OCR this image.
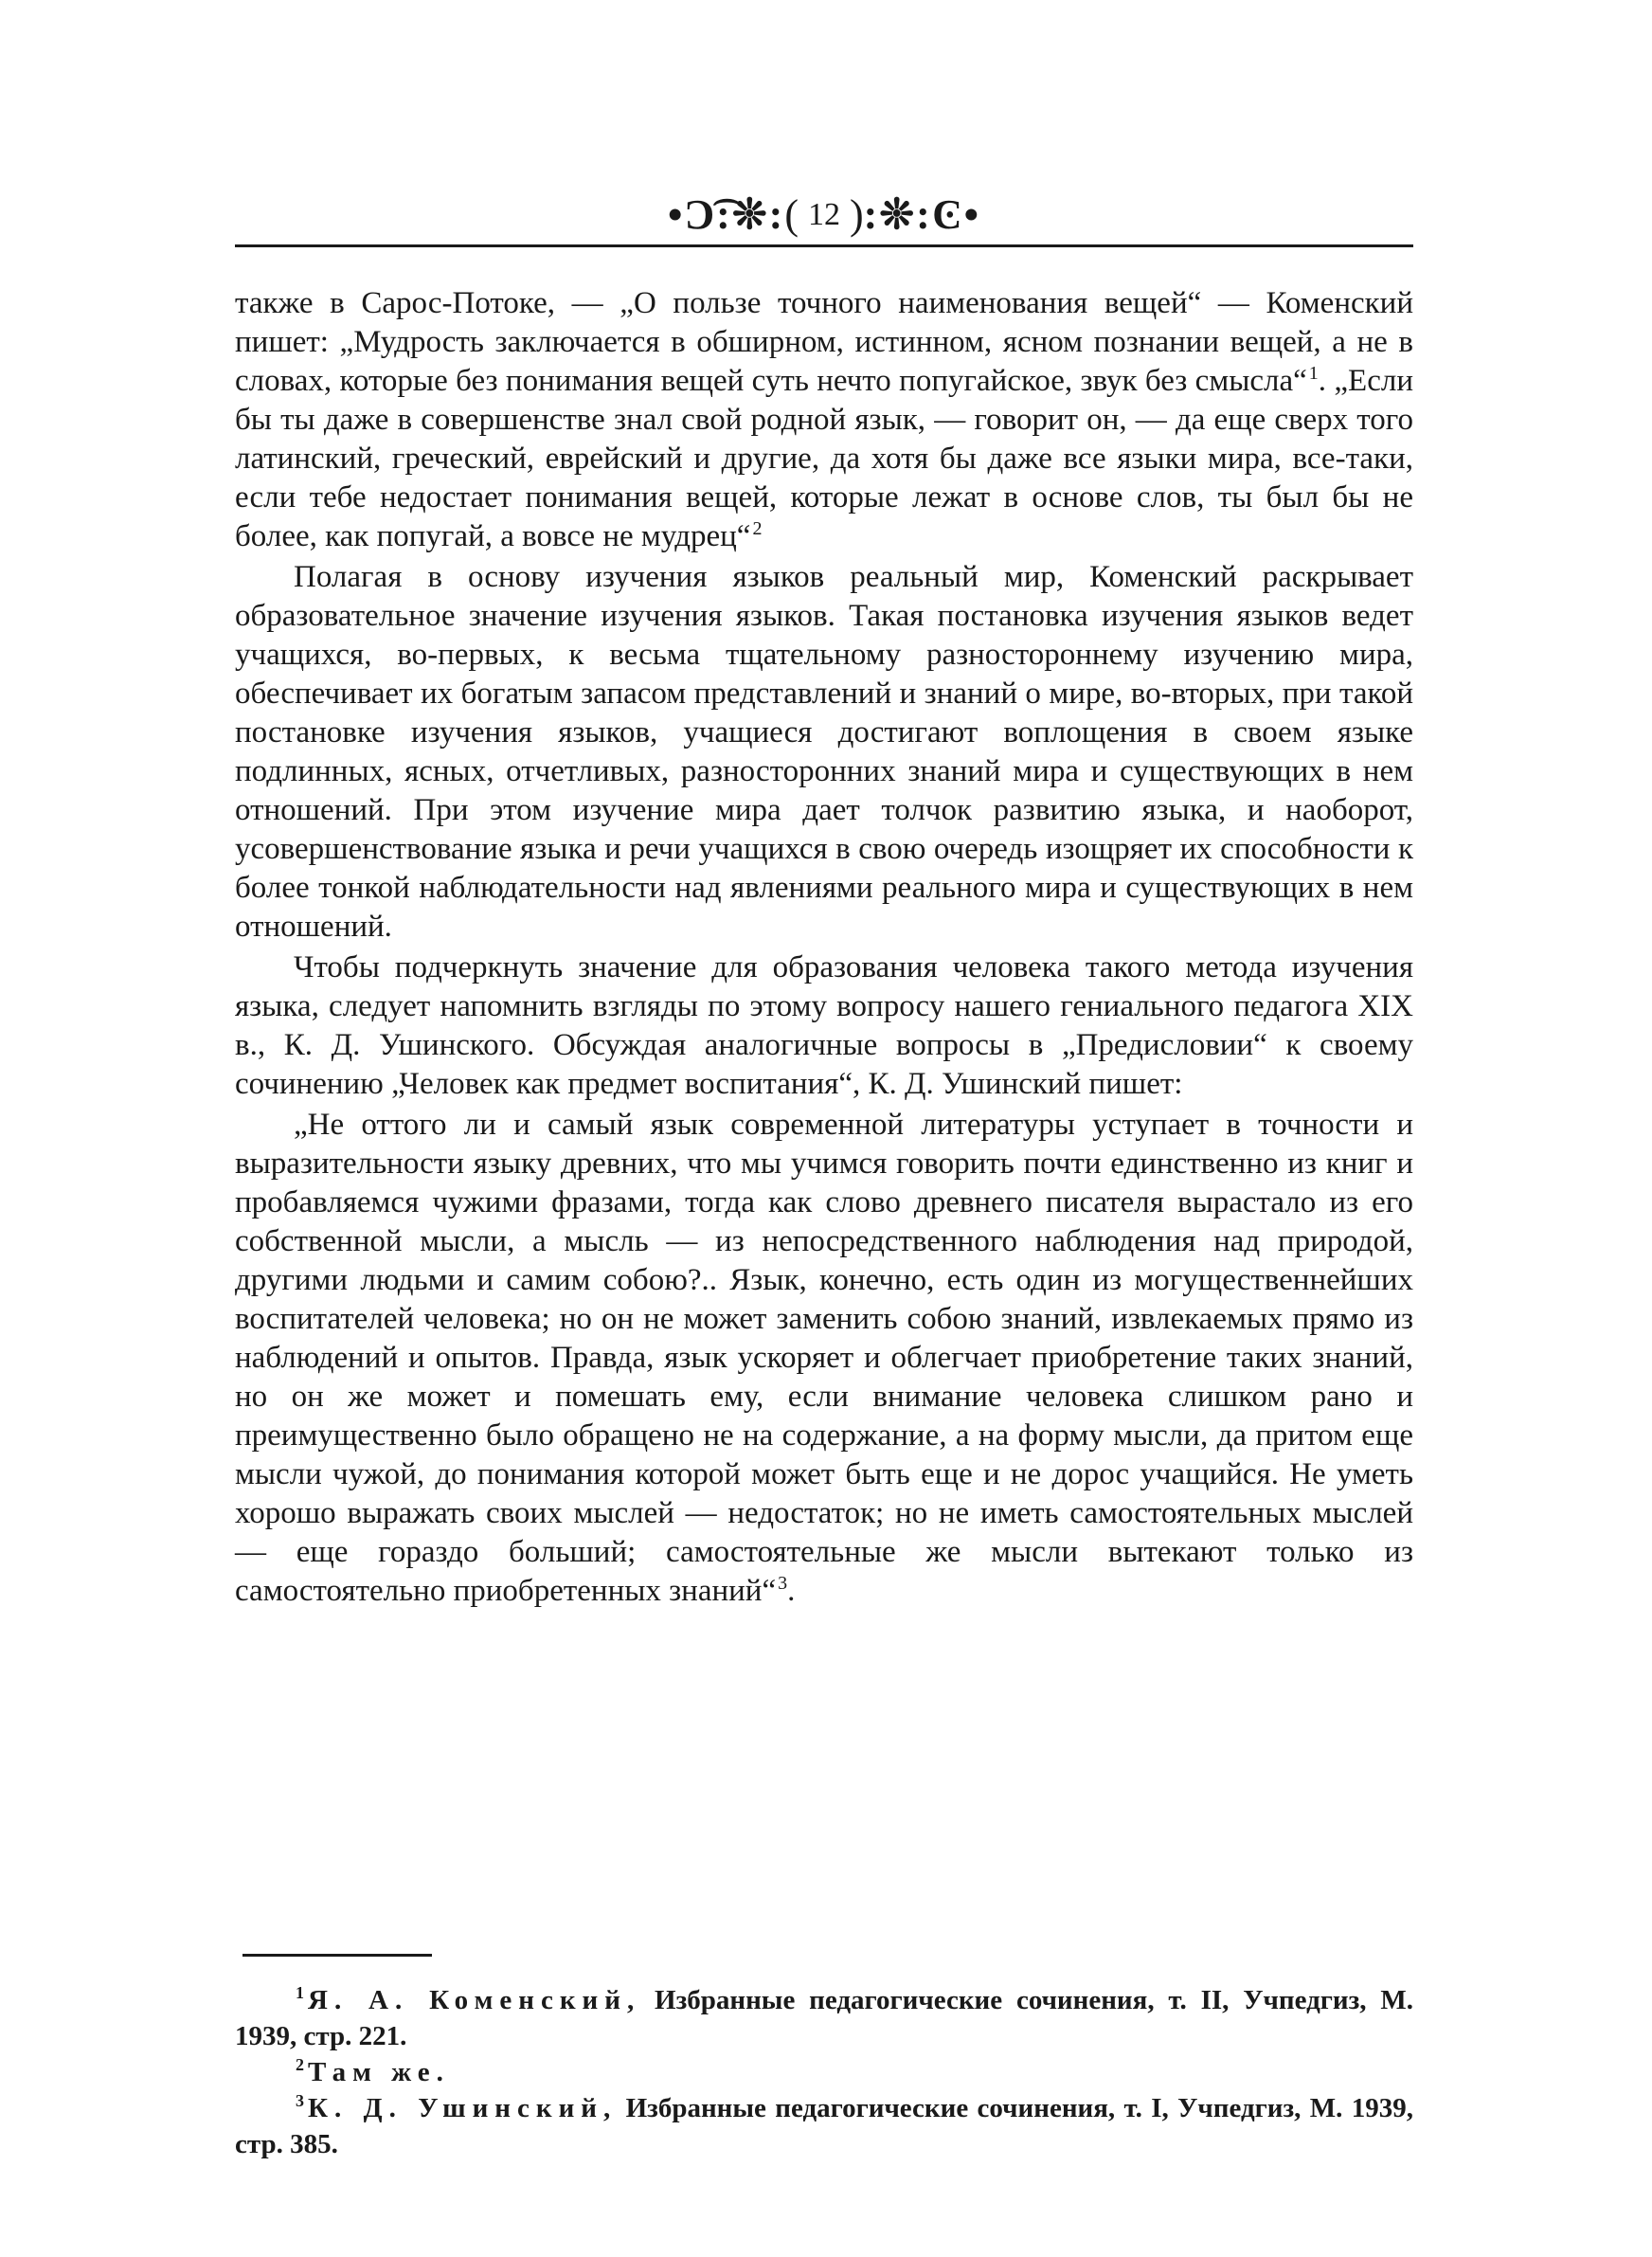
•Ɔ͡:❊:( 12 ):❊:Ͼ•

также в Сарос-Потоке, — „О пользе точного наименования вещей“ — Коменский пишет: „Мудрость заключается в обширном, истинном, ясном познании вещей, а не в словах, которые без понимания вещей суть нечто попугайское, звук без смысла“ $^1$. „Если бы ты даже в совершенстве знал свой родной язык, — говорит он, — да еще сверх того латинский, греческий, еврейский и другие, да хотя бы даже все языки мира, все-таки, если тебе недостает понимания вещей, которые лежат в основе слов, ты был бы не более, как попугай, а вовсе не мудрец“ $^2$

Полагая в основу изучения языков реальный мир, Коменский раскрывает образовательное значение изучения языков. Такая постановка изучения языков ведет учащихся, во-первых, к весьма тщательному разностороннему изучению мира, обеспечивает их богатым запасом представлений и знаний о мире, во-вторых, при такой постановке изучения языков, учащиеся достигают воплощения в своем языке подлинных, ясных, отчетливых, разносторонних знаний мира и существующих в нем отношений. При этом изучение мира дает толчок развитию языка, и наоборот, усовершенствование языка и речи учащихся в свою очередь изощряет их способности к более тонкой наблюдательности над явлениями реального мира и существующих в нем отношений.

Чтобы подчеркнуть значение для образования человека такого метода изучения языка, следует напомнить взгляды по этому вопросу нашего гениального педагога XIX в., К. Д. Ушинского. Обсуждая аналогичные вопросы в „Предисловии“ к своему сочинению „Человек как предмет воспитания“, К. Д. Ушинский пишет:

„Не оттого ли и самый язык современной литературы уступает в точности и выразительности языку древних, что мы учимся говорить почти единственно из книг и пробавляемся чужими фразами, тогда как слово древнего писателя вырастало из его собственной мысли, а мысль — из непосредственного наблюдения над природой, другими людьми и самим собою?.. Язык, конечно, есть один из могущественнейших воспитателей человека; но он не может заменить собою знаний, извлекаемых прямо из наблюдений и опытов. Правда, язык ускоряет и облегчает приобретение таких знаний, но он же может и помешать ему, если внимание человека слишком рано и преимущественно было обращено не на содержание, а на форму мысли, да притом еще мысли чужой, до понимания которой может быть еще и не дорос учащийся. Не уметь хорошо выражать своих мыслей — недостаток; но не иметь самостоятельных мыслей — еще гораздо больший; самостоятельные же мысли вытекают только из самостоятельно приобретенных знаний“ $^3$.

$^1$ Я. А. Коменский, Избранные педагогические сочинения, т. II, Учпедгиз, М. 1939, стр. 221.

$^2$ Там же.

$^3$ К. Д. Ушинский, Избранные педагогические сочинения, т. I, Учпедгиз, М. 1939, стр. 385.
